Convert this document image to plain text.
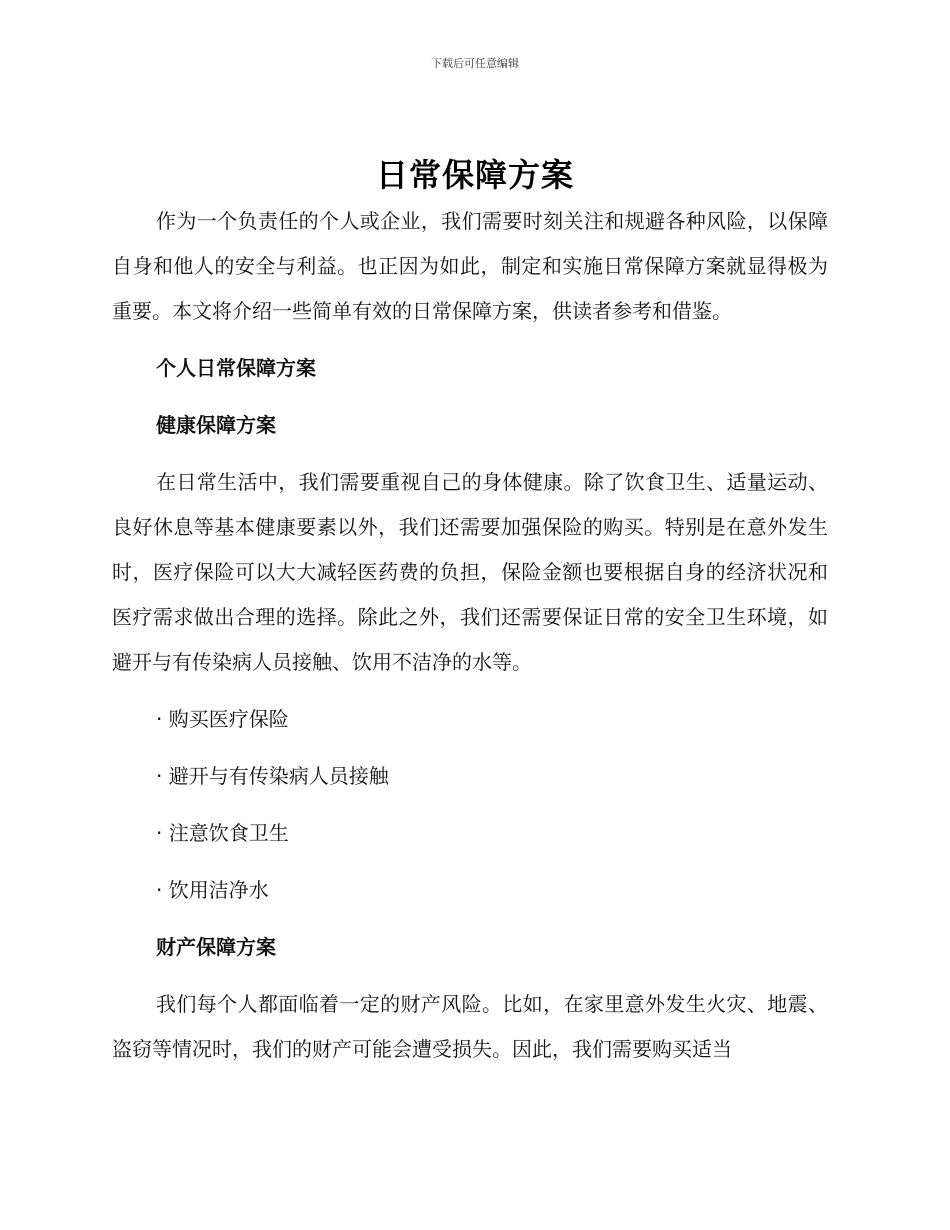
下载后可任意编辑
日常保障方案

作为一个负责任的个人或企业，我们需要时刻关注和规避各种风险，以保障自身和他人的安全与利益。也正因为如此，制定和实施日常保障方案就显得极为重要。本文将介绍一些简单有效的日常保障方案，供读者参考和借鉴。

个人日常保障方案

健康保障方案

在日常生活中，我们需要重视自己的身体健康。除了饮食卫生、适量运动、良好休息等基本健康要素以外，我们还需要加强保险的购买。特别是在意外发生时，医疗保险可以大大减轻医药费的负担，保险金额也要根据自身的经济状况和医疗需求做出合理的选择。除此之外，我们还需要保证日常的安全卫生环境，如避开与有传染病人员接触、饮用不洁净的水等。

· 购买医疗保险

· 避开与有传染病人员接触

· 注意饮食卫生

· 饮用洁净水

财产保障方案

我们每个人都面临着一定的财产风险。比如，在家里意外发生火灾、地震、盗窃等情况时，我们的财产可能会遭受损失。因此，我们需要购买适当
